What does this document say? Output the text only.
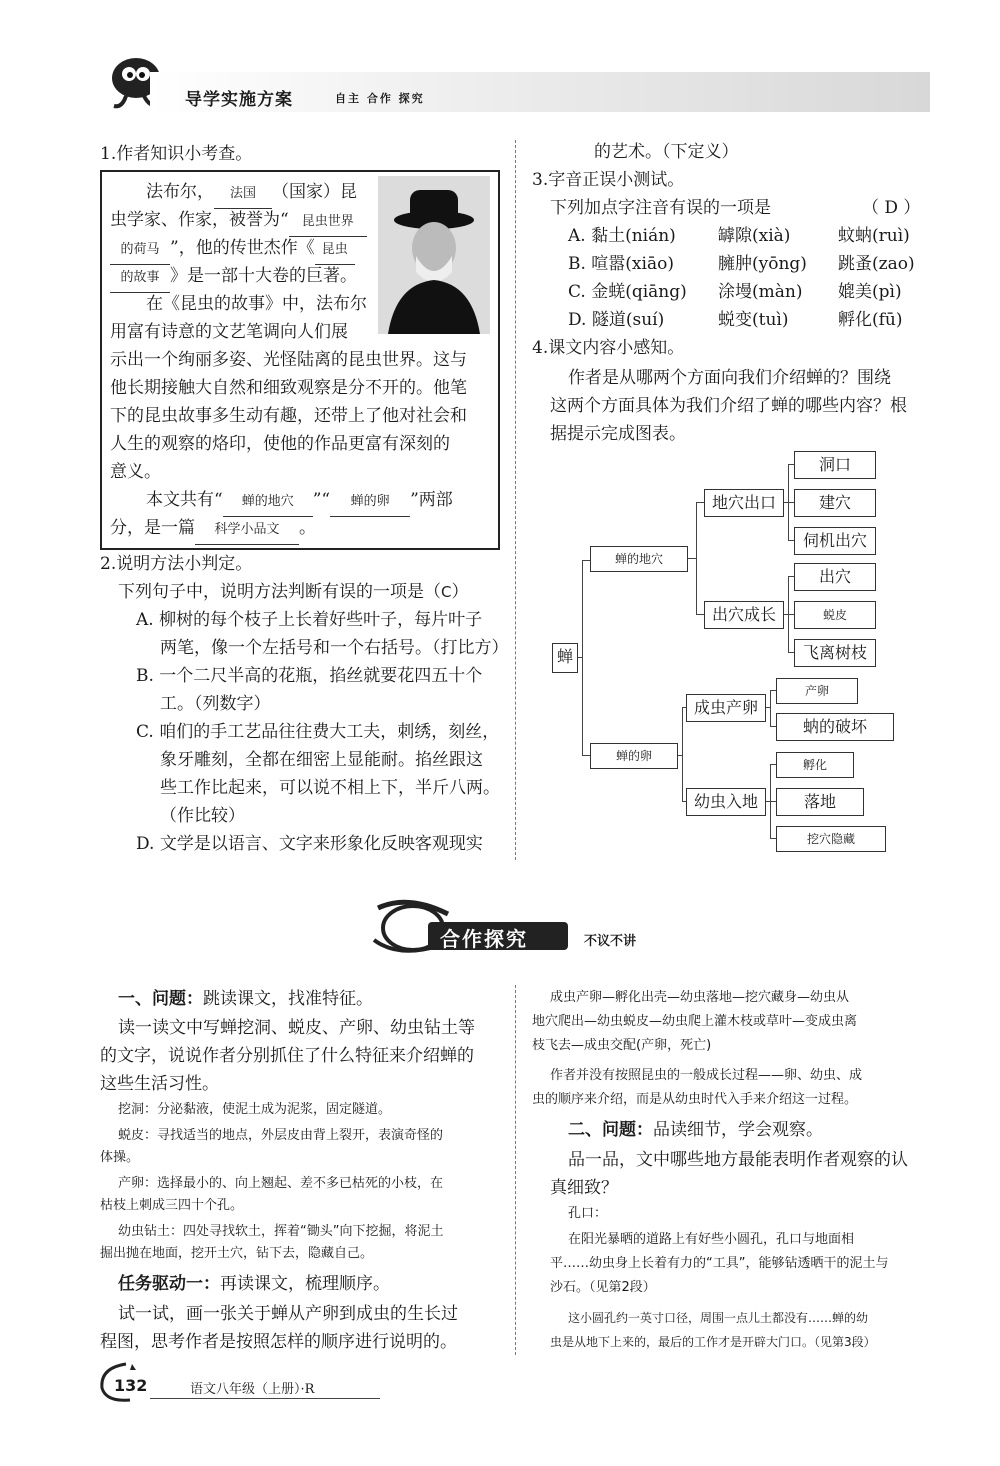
导学实施方案	自主 合作 探究
1.作者知识小考查。
法布尔， 法国 （国家）昆
虫学家、作家，被誉为“ 昆虫世界
的荷马 ”，他的传世杰作《 昆虫
的故事 》是一部十大卷的巨著。
在《昆虫的故事》中，法布尔
用富有诗意的文艺笔调向人们展
示出一个绚丽多姿、光怪陆离的昆虫世界。这与
他长期接触大自然和细致观察是分不开的。他笔
下的昆虫故事多生动有趣，还带上了他对社会和
人生的观察的烙印，使他的作品更富有深刻的
意义。
本文共有“ 蝉的地穴 ”“ 蝉的卵 ”两部
分，是一篇 科学小品文 。
2.说明方法小判定。
下列句子中，说明方法判断有误的一项是（C）
A. 柳树的每个枝子上长着好些叶子，每片叶子
两笔，像一个左括号和一个右括号。（打比方）
B. 一个二尺半高的花瓶，掐丝就要花四五十个
工。（列数字）
C. 咱们的手工艺品往往费大工夫，刺绣，刻丝，
象牙雕刻，全都在细密上显能耐。掐丝跟这
些工作比起来，可以说不相上下，半斤八两。
（作比较）
D. 文学是以语言、文字来形象化反映客观现实
的艺术。（下定义）
3.字音正误小测试。
下列加点字注音有误的一项是	（ D ）
A. 黏土(nián) 罅隙(xià)	蚊蚋(ruì)
B. 喧嚣(xiāo)	臃肿(yōng) 跳蚤(zao)
C. 金蜣(qiāng) 涂墁(màn) 媲美(pì)
D. 隧道(suí)	蜕变(tuì)	孵化(fū)
4.课文内容小感知。
作者是从哪两个方面向我们介绍蝉的？围绕
这两个方面具体为我们介绍了蝉的哪些内容？根
据提示完成图表。
蝉
蝉的地穴
地穴出口
洞口
建穴
伺机出穴
出穴成长
出穴
蜕皮
飞离树枝
蝉的卵
成虫产卵
产卵
蚋的破坏
幼虫入地
孵化
落地
挖穴隐藏
合作探究	不议不讲
一、问题：跳读课文，找准特征。
读一读文中写蝉挖洞、蜕皮、产卵、幼虫钻土等
的文字，说说作者分别抓住了什么特征来介绍蝉的
这些生活习性。
挖洞：分泌黏液，使泥土成为泥浆，固定隧道。
蜕皮：寻找适当的地点，外层皮由背上裂开，表演奇怪的
体操。
产卵：选择最小的、向上翘起、差不多已枯死的小枝，在
枯枝上刺成三四十个孔。
幼虫钻土：四处寻找软土，挥着“锄头”向下挖掘，将泥土
掘出抛在地面，挖开土穴，钻下去，隐藏自己。
任务驱动一：再读课文，梳理顺序。
试一试，画一张关于蝉从产卵到成虫的生长过
程图，思考作者是按照怎样的顺序进行说明的。
成虫产卵—孵化出壳—幼虫落地—挖穴藏身—幼虫从
地穴爬出—幼虫蜕皮—幼虫爬上灌木枝或草叶—变成虫离
枝飞去—成虫交配(产卵，死亡)
作者并没有按照昆虫的一般成长过程——卵、幼虫、成
虫的顺序来介绍，而是从幼虫时代入手来介绍这一过程。
二、问题：品读细节，学会观察。
品一品，文中哪些地方最能表明作者观察的认
真细致？
孔口：
在阳光暴晒的道路上有好些小圆孔，孔口与地面相
平……幼虫身上长着有力的“工具”，能够钻透晒干的泥土与
沙石。（见第2段）
这小圆孔约一英寸口径，周围一点儿土都没有……蝉的幼
虫是从地下上来的，最后的工作才是开辟大门口。（见第3段）
132	语文八年级（上册）·R
